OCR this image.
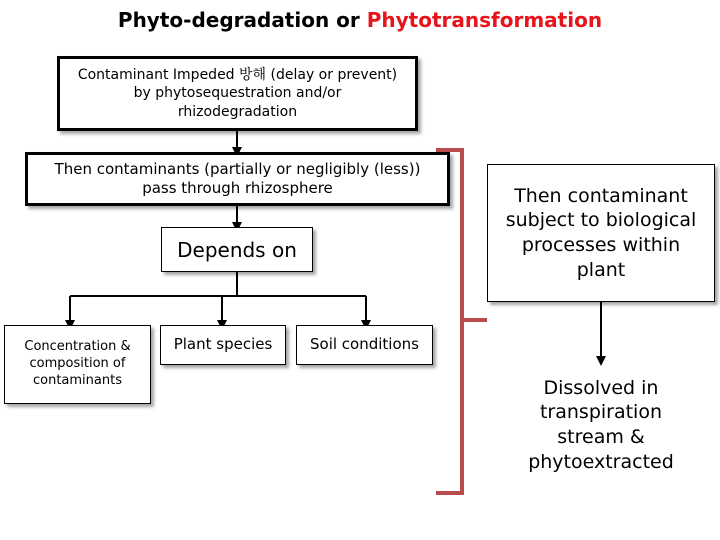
Phyto-degradation or Phytotransformation
Contaminant Impeded 방해 (delay or prevent)
by phytosequestration and/or
rhizodegradation
Then contaminants (partially or negligibly (less))
pass through rhizosphere
Depends on
Concentration &
composition of
contaminants
Plant species	Soil conditions
Then contaminant
subject to biological
processes within
plant
Dissolved in
transpiration
stream &
phytoextracted
